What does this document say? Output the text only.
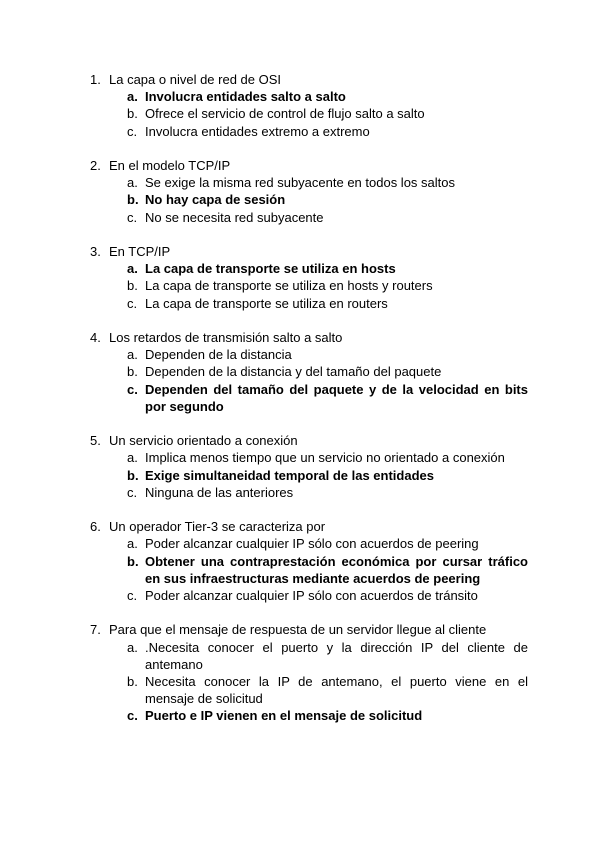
1. La capa o nivel de red de OSI
a. Involucra entidades salto a salto
b. Ofrece el servicio de control de flujo salto a salto
c. Involucra entidades extremo a extremo
2. En el modelo TCP/IP
a. Se exige la misma red subyacente en todos los saltos
b. No hay capa de sesión
c. No se necesita red subyacente
3. En TCP/IP
a. La capa de transporte se utiliza en hosts
b. La capa de transporte se utiliza en hosts y routers
c. La capa de transporte se utiliza en routers
4. Los retardos de transmisión salto a salto
a. Dependen de la distancia
b. Dependen de la distancia y del tamaño del paquete
c. Dependen del tamaño del paquete y de la velocidad en bits por segundo
5. Un servicio orientado a conexión
a. Implica menos tiempo que un servicio no orientado a conexión
b. Exige simultaneidad temporal de las entidades
c. Ninguna de las anteriores
6. Un operador Tier-3 se caracteriza por
a. Poder alcanzar cualquier IP sólo con acuerdos de peering
b. Obtener una contraprestación económica por cursar tráfico en sus infraestructuras mediante acuerdos de peering
c. Poder alcanzar cualquier IP sólo con acuerdos de tránsito
7. Para que el mensaje de respuesta de un servidor llegue al cliente
a. .Necesita conocer el puerto y la dirección IP del cliente de antemano
b. Necesita conocer la IP de antemano, el puerto viene en el mensaje de solicitud
c. Puerto e IP vienen en el mensaje de solicitud
